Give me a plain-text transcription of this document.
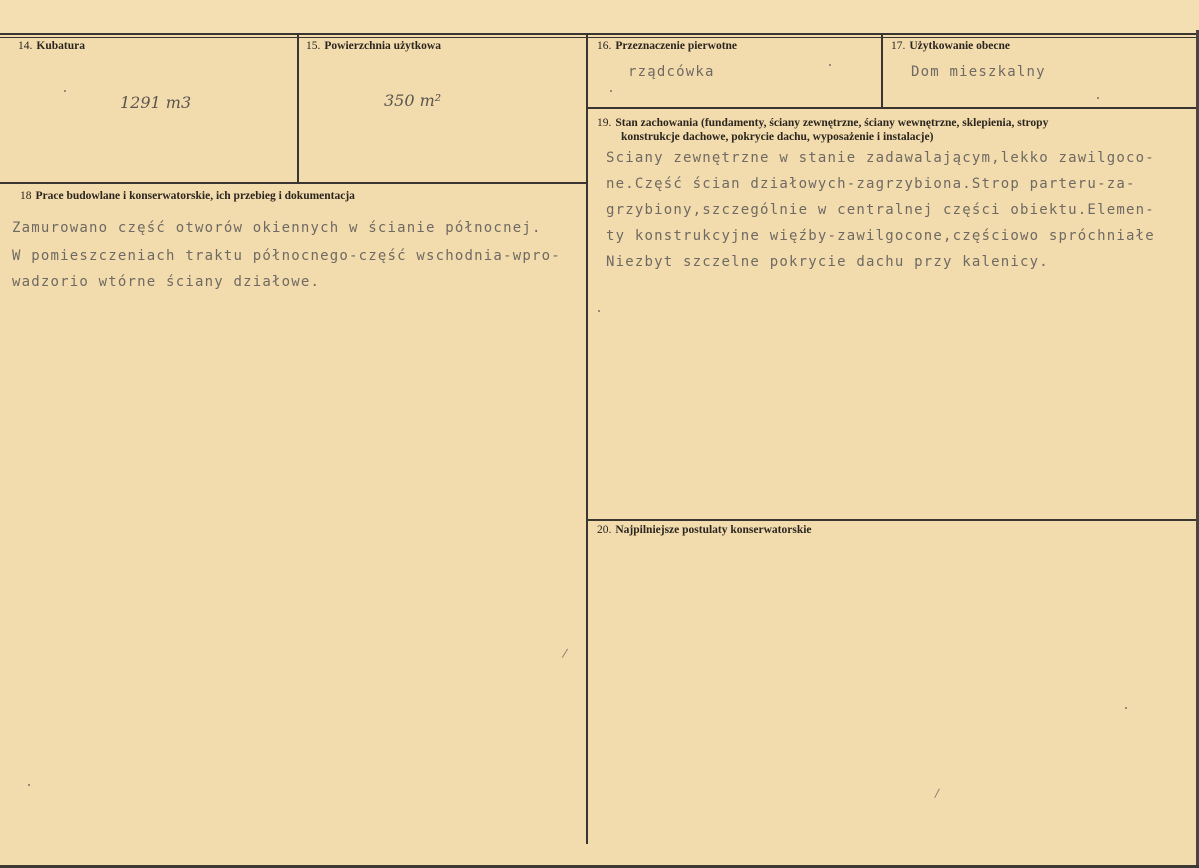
14. Kubatura
1291 m3
15. Powierzchnia użytkowa
350 m²
16. Przeznaczenie pierwotne
rządcówka
17. Użytkowanie obecne
Dom mieszkalny
18 Prace budowlane i konserwatorskie, ich przebieg i dokumentacja
Zamurowano część otworów okiennych w ścianie północnej.
W pomieszczeniach traktu północnego-część wschodnia-wpro-
wadzorio wtórne ściany działowe.
19. Stan zachowania (fundamenty, ściany zewnętrzne, ściany wewnętrzne, sklepienia, stropy
konstrukcje dachowe, pokrycie dachu, wyposażenie i instalacje)
Sciany zewnętrzne w stanie zadawalającym,lekko zawilgoco-
ne.Część ścian działowych-zagrzybiona.Strop parteru-za-
grzybiony,szczególnie w centralnej części obiektu.Elemen-
ty konstrukcyjne więźby-zawilgocone,częściowo spróchniałe
Niezbyt szczelne pokrycie dachu przy kalenicy.
20. Najpilniejsze postulaty konserwatorskie
/
/
